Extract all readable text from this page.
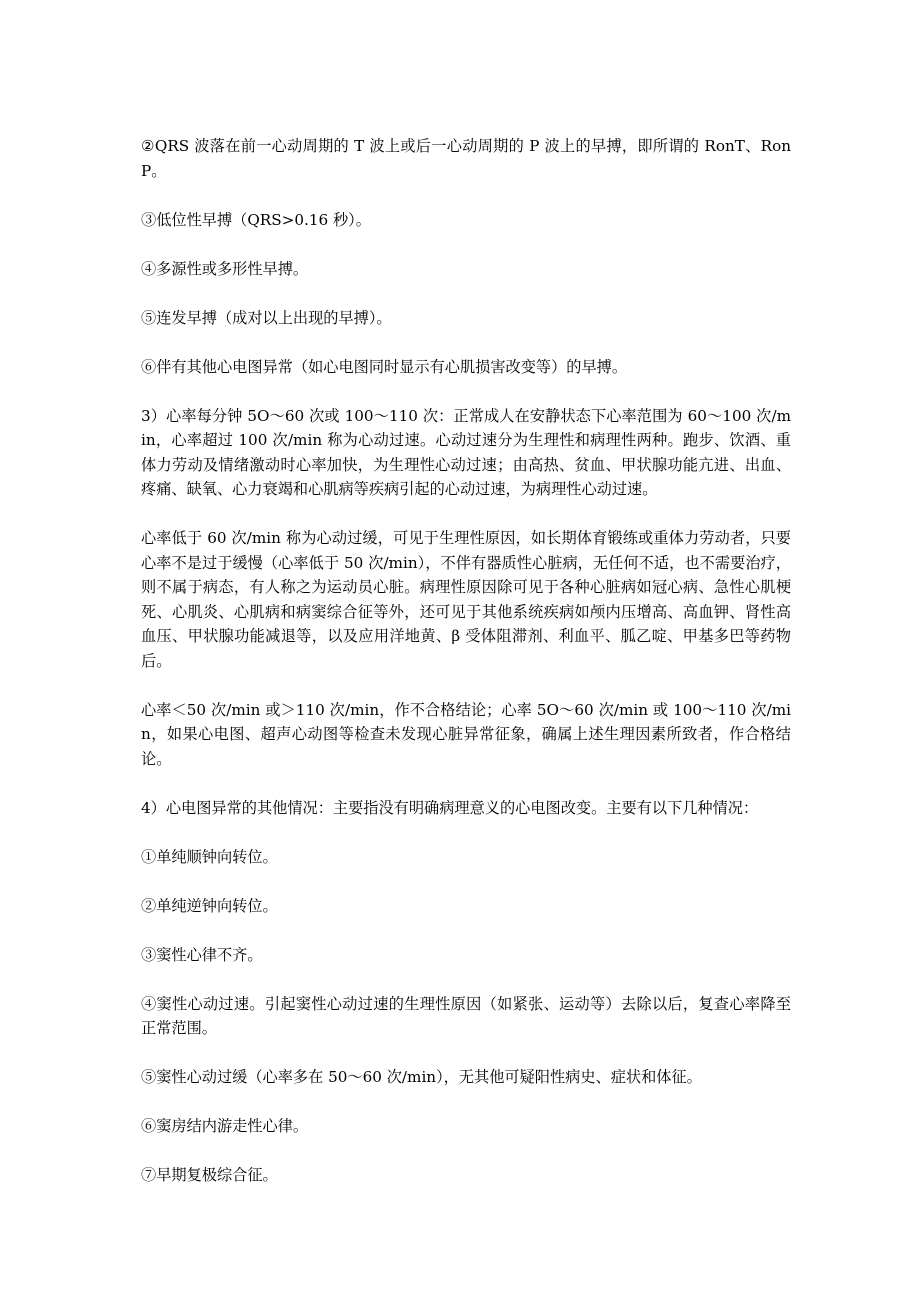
②QRS 波落在前一心动周期的 T 波上或后一心动周期的 P 波上的早搏，即所谓的 RonT、RonP。

③低位性早搏（QRS>0.16 秒）。

④多源性或多形性早搏。

⑤连发早搏（成对以上出现的早搏）。

⑥伴有其他心电图异常（如心电图同时显示有心肌损害改变等）的早搏。

3）心率每分钟 5O～60 次或 100～110 次：正常成人在安静状态下心率范围为 60～100 次/min，心率超过 100 次/min 称为心动过速。心动过速分为生理性和病理性两种。跑步、饮酒、重体力劳动及情绪激动时心率加快，为生理性心动过速；由高热、贫血、甲状腺功能亢进、出血、疼痛、缺氧、心力衰竭和心肌病等疾病引起的心动过速，为病理性心动过速。

心率低于 60 次/min 称为心动过缓，可见于生理性原因，如长期体育锻练或重体力劳动者，只要心率不是过于缓慢（心率低于 50 次/min），不伴有器质性心脏病，无任何不适，也不需要治疗，则不属于病态，有人称之为运动员心脏。病理性原因除可见于各种心脏病如冠心病、急性心肌梗死、心肌炎、心肌病和病窦综合征等外，还可见于其他系统疾病如颅内压增高、高血钾、肾性高血压、甲状腺功能减退等，以及应用洋地黄、β 受体阻滞剂、利血平、胍乙啶、甲基多巴等药物后。

心率＜50 次/min 或＞110 次/min，作不合格结论；心率 5O～60 次/min 或 100～110 次/min，如果心电图、超声心动图等检查未发现心脏异常征象，确属上述生理因素所致者，作合格结论。

4）心电图异常的其他情况：主要指没有明确病理意义的心电图改变。主要有以下几种情况：

①单纯顺钟向转位。

②单纯逆钟向转位。

③窦性心律不齐。

④窦性心动过速。引起窦性心动过速的生理性原因（如紧张、运动等）去除以后，复查心率降至正常范围。

⑤窦性心动过缓（心率多在 50～60 次/min），无其他可疑阳性病史、症状和体征。

⑥窦房结内游走性心律。

⑦早期复极综合征。
